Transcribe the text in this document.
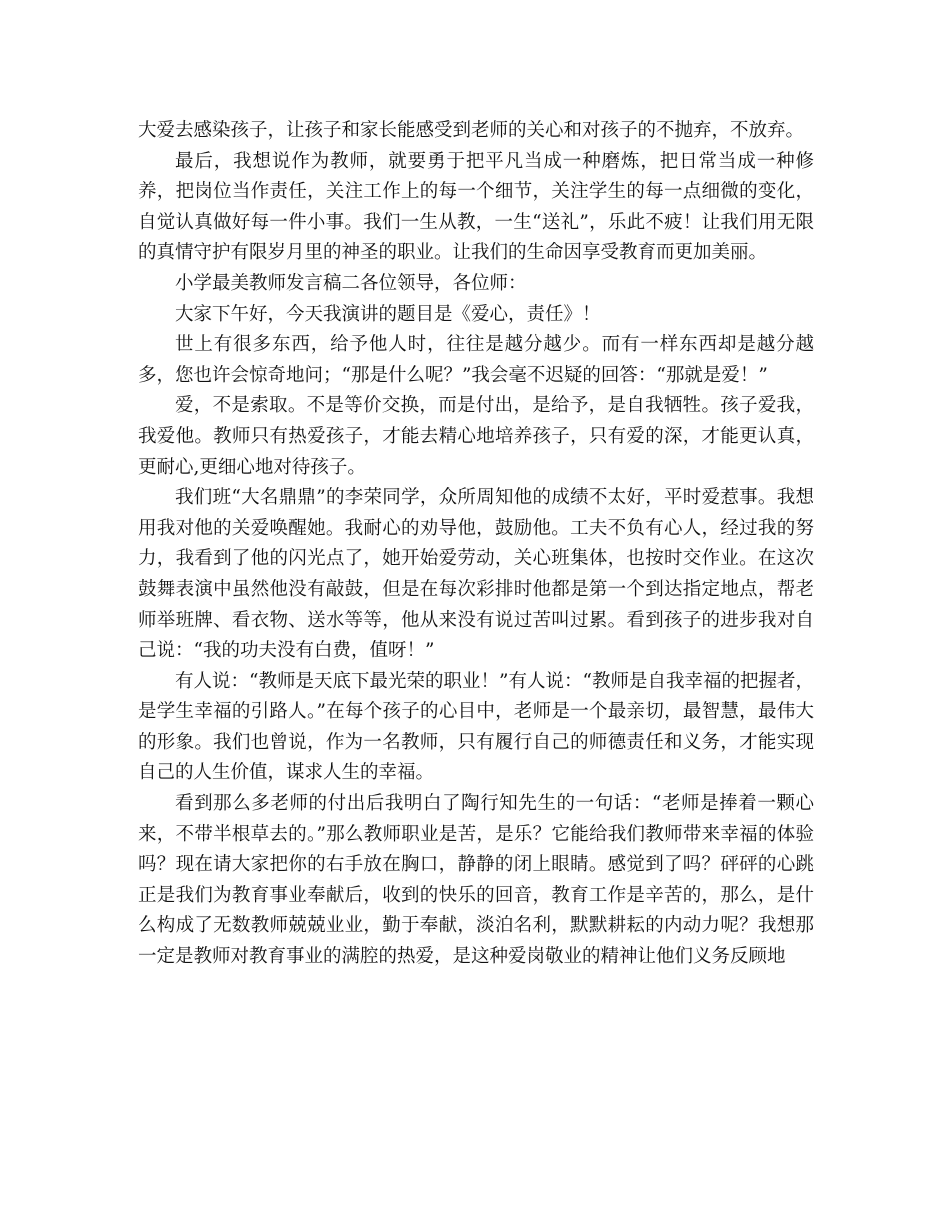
大爱去感染孩子，让孩子和家长能感受到老师的关心和对孩子的不抛弃，不放弃。

最后，我想说作为教师，就要勇于把平凡当成一种磨炼，把日常当成一种修养，把岗位当作责任，关注工作上的每一个细节，关注学生的每一点细微的变化，自觉认真做好每一件小事。我们一生从教，一生“送礼”，乐此不疲！让我们用无限的真情守护有限岁月里的神圣的职业。让我们的生命因享受教育而更加美丽。

小学最美教师发言稿二各位领导，各位师：

大家下午好，今天我演讲的题目是《爱心，责任》！

世上有很多东西，给予他人时，往往是越分越少。而有一样东西却是越分越多，您也许会惊奇地问；“那是什么呢？”我会毫不迟疑的回答：“那就是爱！”

爱，不是索取。不是等价交换，而是付出，是给予，是自我牺牲。孩子爱我，我爱他。教师只有热爱孩子，才能去精心地培养孩子，只有爱的深，才能更认真，更耐心,更细心地对待孩子。

我们班“大名鼎鼎”的李荣同学，众所周知他的成绩不太好，平时爱惹事。我想用我对他的关爱唤醒她。我耐心的劝导他，鼓励他。工夫不负有心人，经过我的努力，我看到了他的闪光点了，她开始爱劳动，关心班集体，也按时交作业。在这次鼓舞表演中虽然他没有敲鼓，但是在每次彩排时他都是第一个到达指定地点，帮老师举班牌、看衣物、送水等等，他从来没有说过苦叫过累。看到孩子的进步我对自己说：“我的功夫没有白费，值呀！”

有人说：“教师是天底下最光荣的职业！”有人说：“教师是自我幸福的把握者，是学生幸福的引路人。”在每个孩子的心目中，老师是一个最亲切，最智慧，最伟大的形象。我们也曾说，作为一名教师，只有履行自己的师德责任和义务，才能实现自己的人生价值，谋求人生的幸福。

看到那么多老师的付出后我明白了陶行知先生的一句话：“老师是捧着一颗心来，不带半根草去的。”那么教师职业是苦，是乐？它能给我们教师带来幸福的体验吗？现在请大家把你的右手放在胸口，静静的闭上眼睛。感觉到了吗？砰砰的心跳正是我们为教育事业奉献后，收到的快乐的回音，教育工作是辛苦的，那么，是什么构成了无数教师兢兢业业，勤于奉献，淡泊名利，默默耕耘的内动力呢？我想那一定是教师对教育事业的满腔的热爱，是这种爱岗敬业的精神让他们义务反顾地
